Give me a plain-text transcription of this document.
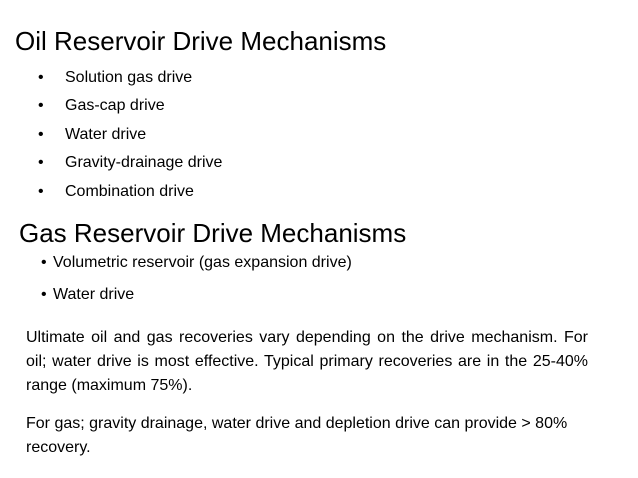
Oil Reservoir Drive Mechanisms
•	Solution gas drive
•	Gas-cap drive
•	Water drive
•	Gravity-drainage drive
•	Combination drive
Gas Reservoir Drive Mechanisms
• Volumetric reservoir (gas expansion drive)
• Water drive

Ultimate oil and gas recoveries vary depending on the drive mechanism. For oil; water drive is most effective. Typical primary recoveries are in the 25-40% range (maximum 75%).

For gas; gravity drainage, water drive and depletion drive can provide > 80% recovery.
